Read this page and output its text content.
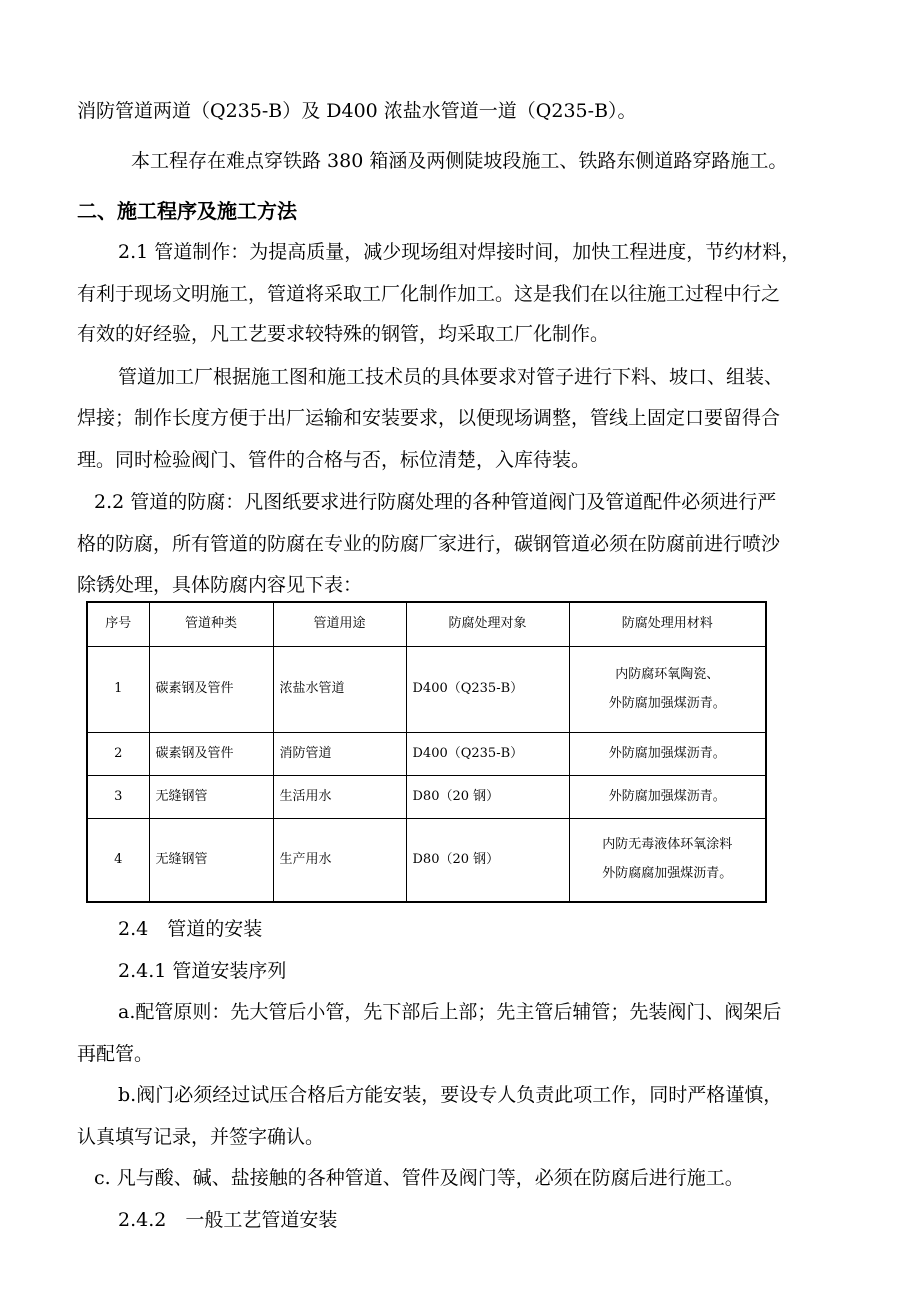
消防管道两道（Q235-B）及 D400 浓盐水管道一道（Q235-B）。
本工程存在难点穿铁路 380 箱涵及两侧陡坡段施工、铁路东侧道路穿路施工。
二、施工程序及施工方法
2.1 管道制作：为提高质量，减少现场组对焊接时间，加快工程进度，节约材料，
有利于现场文明施工，管道将采取工厂化制作加工。这是我们在以往施工过程中行之
有效的好经验，凡工艺要求较特殊的钢管，均采取工厂化制作。
管道加工厂根据施工图和施工技术员的具体要求对管子进行下料、坡口、组装、
焊接；制作长度方便于出厂运输和安装要求，以便现场调整，管线上固定口要留得合
理。同时检验阀门、管件的合格与否，标位清楚，入库待装。
2.2 管道的防腐：凡图纸要求进行防腐处理的各种管道阀门及管道配件必须进行严
格的防腐，所有管道的防腐在专业的防腐厂家进行，碳钢管道必须在防腐前进行喷沙
除锈处理，具体防腐内容见下表：
序号	管道种类	管道用途	防腐处理对象	防腐处理用材料
1	碳素钢及管件	浓盐水管道	D400（Q235-B）	内防腐环氧陶瓷、
外防腐加强煤沥青。

2	碳素钢及管件	消防管道	D400（Q235-B）	外防腐加强煤沥青。
3	无缝钢管	生活用水	D80（20 钢）	外防腐加强煤沥青。
4	无缝钢管	生产用水	D80（20 钢）	内防无毒液体环氧涂料
外防腐腐加强煤沥青。
2.4　管道的安装
2.4.1 管道安装序列
a.配管原则：先大管后小管，先下部后上部；先主管后辅管；先装阀门、阀架后
再配管。
b.阀门必须经过试压合格后方能安装，要设专人负责此项工作，同时严格谨慎，
认真填写记录，并签字确认。
c. 凡与酸、碱、盐接触的各种管道、管件及阀门等，必须在防腐后进行施工。
2.4.2　一般工艺管道安装
